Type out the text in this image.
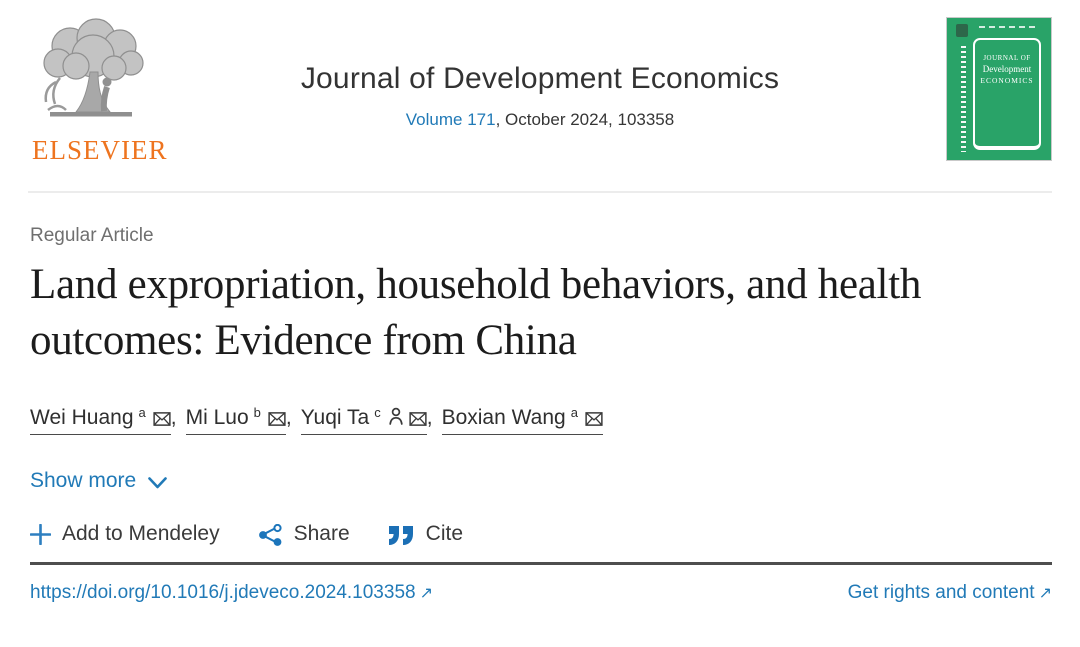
ELSEVIER
Journal of Development Economics
Volume 171, October 2024, 103358
JOURNAL OF
Development
ECONOMICS
Regular Article
Land expropriation, household behaviors, and health outcomes: Evidence from China
Wei Huang $^a$ , Mi Luo $^b$ , Yuqi Ta $^c$ , Boxian Wang $^a$
Show more
Add to Mendeley	Share	Cite
https://doi.org/10.1016/j.jdeveco.2024.103358 ↗	Get rights and content ↗
